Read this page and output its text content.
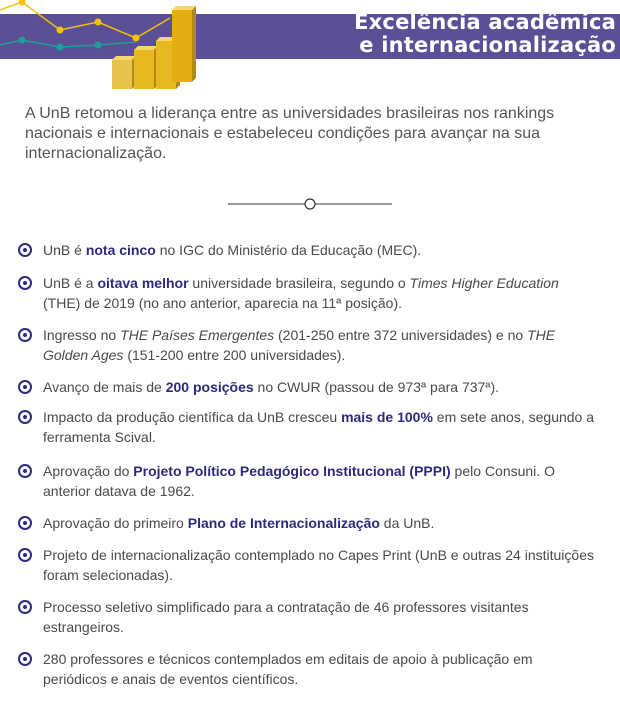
Excelência acadêmica
e internacionalização
A UnB retomou a liderança entre as universidades brasileiras nos rankings nacionais e internacionais e estabeleceu condições para avançar na sua internacionalização.
UnB é nota cinco no IGC do Ministério da Educação (MEC).
UnB é a oitava melhor universidade brasileira, segundo o Times Higher Education (THE) de 2019 (no ano anterior, aparecia na 11ª posição).
Ingresso no THE Países Emergentes (201-250 entre 372 universidades) e no THE Golden Ages (151-200 entre 200 universidades).
Avanço de mais de 200 posições no CWUR (passou de 973ª para 737ª).
Impacto da produção científica da UnB cresceu mais de 100% em sete anos, segundo a ferramenta Scival.
Aprovação do Projeto Político Pedagógico Institucional (PPPI) pelo Consuni. O anterior datava de 1962.
Aprovação do primeiro Plano de Internacionalização da UnB.
Projeto de internacionalização contemplado no Capes Print (UnB e outras 24 instituições foram selecionadas).
Processo seletivo simplificado para a contratação de 46 professores visitantes estrangeiros.
280 professores e técnicos contemplados em editais de apoio à publicação em periódicos e anais de eventos científicos.
